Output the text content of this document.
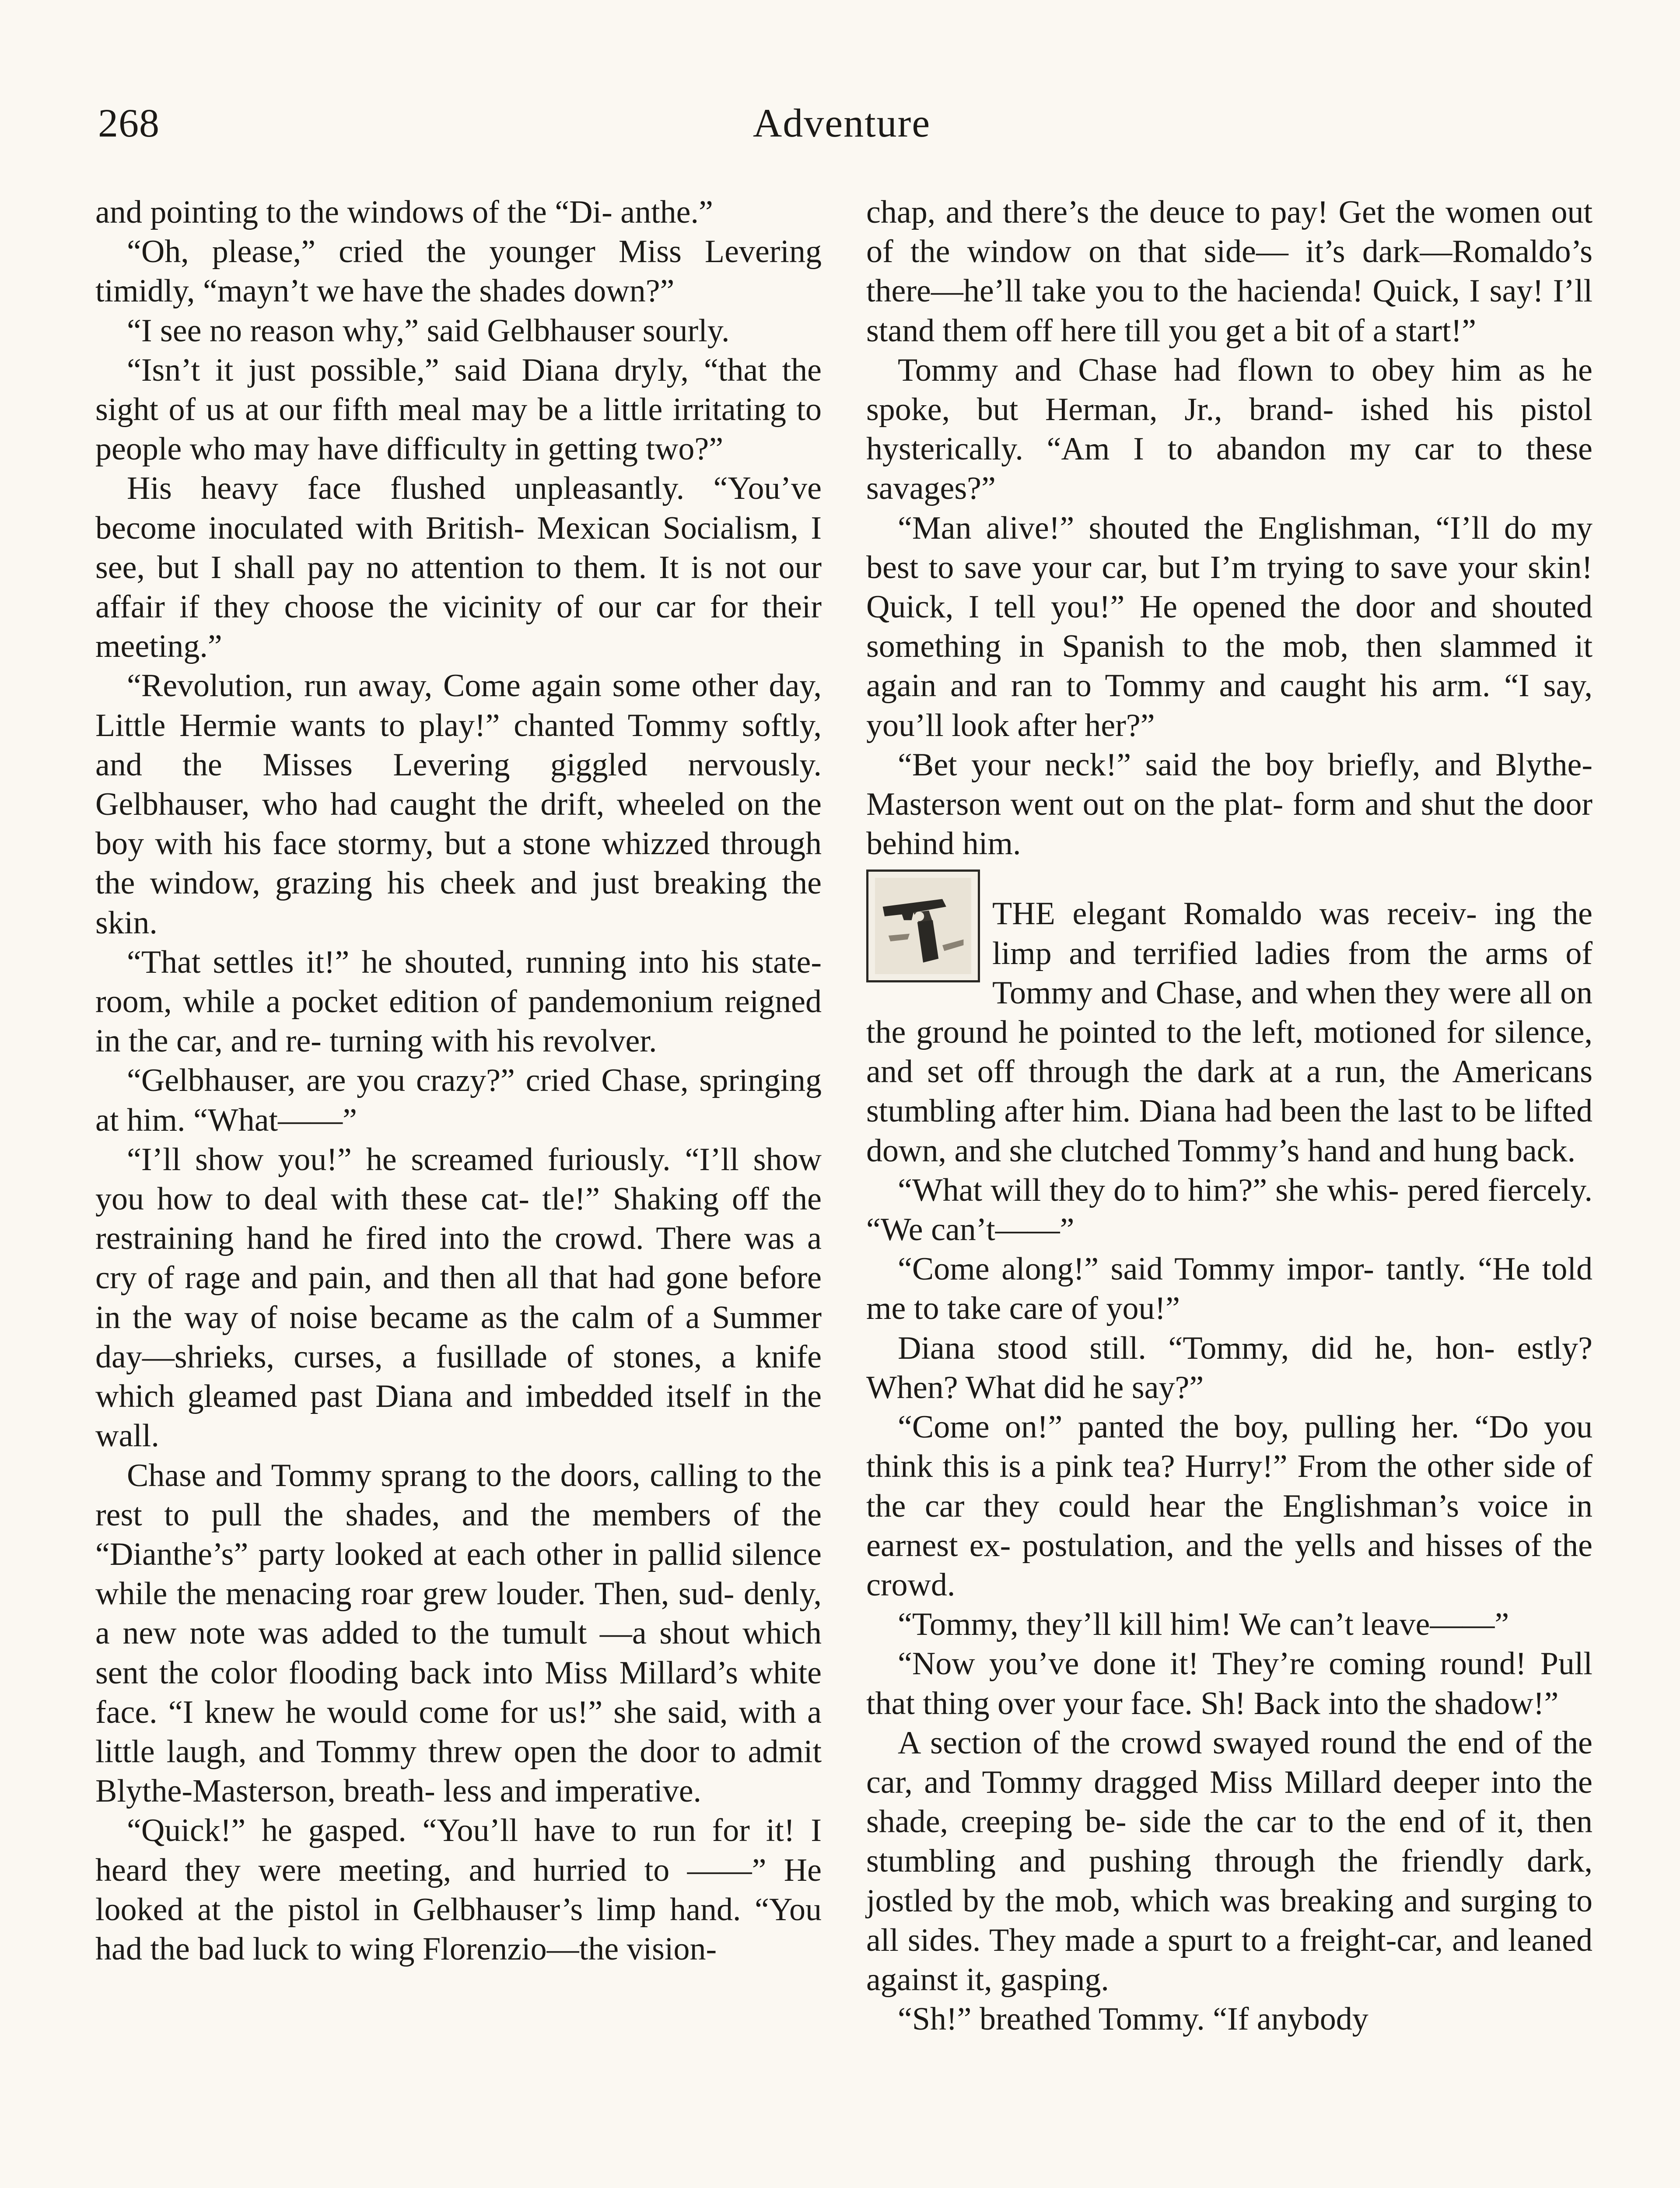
268	Adventure

and pointing to the windows of the “Di- anthe.”

“Oh, please,” cried the younger Miss Levering timidly, “mayn’t we have the shades down?”

“I see no reason why,” said Gelbhauser sourly.

“Isn’t it just possible,” said Diana dryly, “that the sight of us at our fifth meal may be a little irritating to people who may have difficulty in getting two?”

His heavy face flushed unpleasantly. “You’ve become inoculated with British- Mexican Socialism, I see, but I shall pay no attention to them. It is not our affair if they choose the vicinity of our car for their meeting.”

“Revolution, run away, Come again some other day, Little Hermie wants to play!” chanted Tommy softly, and the Misses Levering giggled nervously. Gelbhauser, who had caught the drift, wheeled on the boy with his face stormy, but a stone whizzed through the window, grazing his cheek and just breaking the skin.

“That settles it!” he shouted, running into his state-room, while a pocket edition of pandemonium reigned in the car, and re- turning with his revolver.

“Gelbhauser, are you crazy?” cried Chase, springing at him. “What——”

“I’ll show you!” he screamed furiously. “I’ll show you how to deal with these cat- tle!” Shaking off the restraining hand he fired into the crowd. There was a cry of rage and pain, and then all that had gone before in the way of noise became as the calm of a Summer day—shrieks, curses, a fusillade of stones, a knife which gleamed past Diana and imbedded itself in the wall.

Chase and Tommy sprang to the doors, calling to the rest to pull the shades, and the members of the “Dianthe’s” party looked at each other in pallid silence while the menacing roar grew louder. Then, sud- denly, a new note was added to the tumult —a shout which sent the color flooding back into Miss Millard’s white face. “I knew he would come for us!” she said, with a little laugh, and Tommy threw open the door to admit Blythe-Masterson, breath- less and imperative.

“Quick!” he gasped. “You’ll have to run for it! I heard they were meeting, and hurried to ——” He looked at the pistol in Gelbhauser’s limp hand. “You had the bad luck to wing Florenzio—the vision-

chap, and there’s the deuce to pay! Get the women out of the window on that side— it’s dark—Romaldo’s there—he’ll take you to the hacienda! Quick, I say! I’ll stand them off here till you get a bit of a start!”

Tommy and Chase had flown to obey him as he spoke, but Herman, Jr., brand- ished his pistol hysterically. “Am I to abandon my car to these savages?”

“Man alive!” shouted the Englishman, “I’ll do my best to save your car, but I’m trying to save your skin! Quick, I tell you!” He opened the door and shouted something in Spanish to the mob, then slammed it again and ran to Tommy and caught his arm. “I say, you’ll look after her?”

“Bet your neck!” said the boy briefly, and Blythe-Masterson went out on the plat- form and shut the door behind him.

THE elegant Romaldo was receiv- ing the limp and terrified ladies from the arms of Tommy and Chase, and when they were all on the ground he pointed to the left, motioned for silence, and set off through the dark at a run, the Americans stumbling after him. Diana had been the last to be lifted down, and she clutched Tommy’s hand and hung back.

“What will they do to him?” she whis- pered fiercely. “We can’t——”

“Come along!” said Tommy impor- tantly. “He told me to take care of you!”

Diana stood still. “Tommy, did he, hon- estly? When? What did he say?”

“Come on!” panted the boy, pulling her. “Do you think this is a pink tea? Hurry!” From the other side of the car they could hear the Englishman’s voice in earnest ex- postulation, and the yells and hisses of the crowd.

“Tommy, they’ll kill him! We can’t leave——”

“Now you’ve done it! They’re coming round! Pull that thing over your face. Sh! Back into the shadow!”

A section of the crowd swayed round the end of the car, and Tommy dragged Miss Millard deeper into the shade, creeping be- side the car to the end of it, then stumbling and pushing through the friendly dark, jostled by the mob, which was breaking and surging to all sides. They made a spurt to a freight-car, and leaned against it, gasping.

“Sh!” breathed Tommy. “If anybody
